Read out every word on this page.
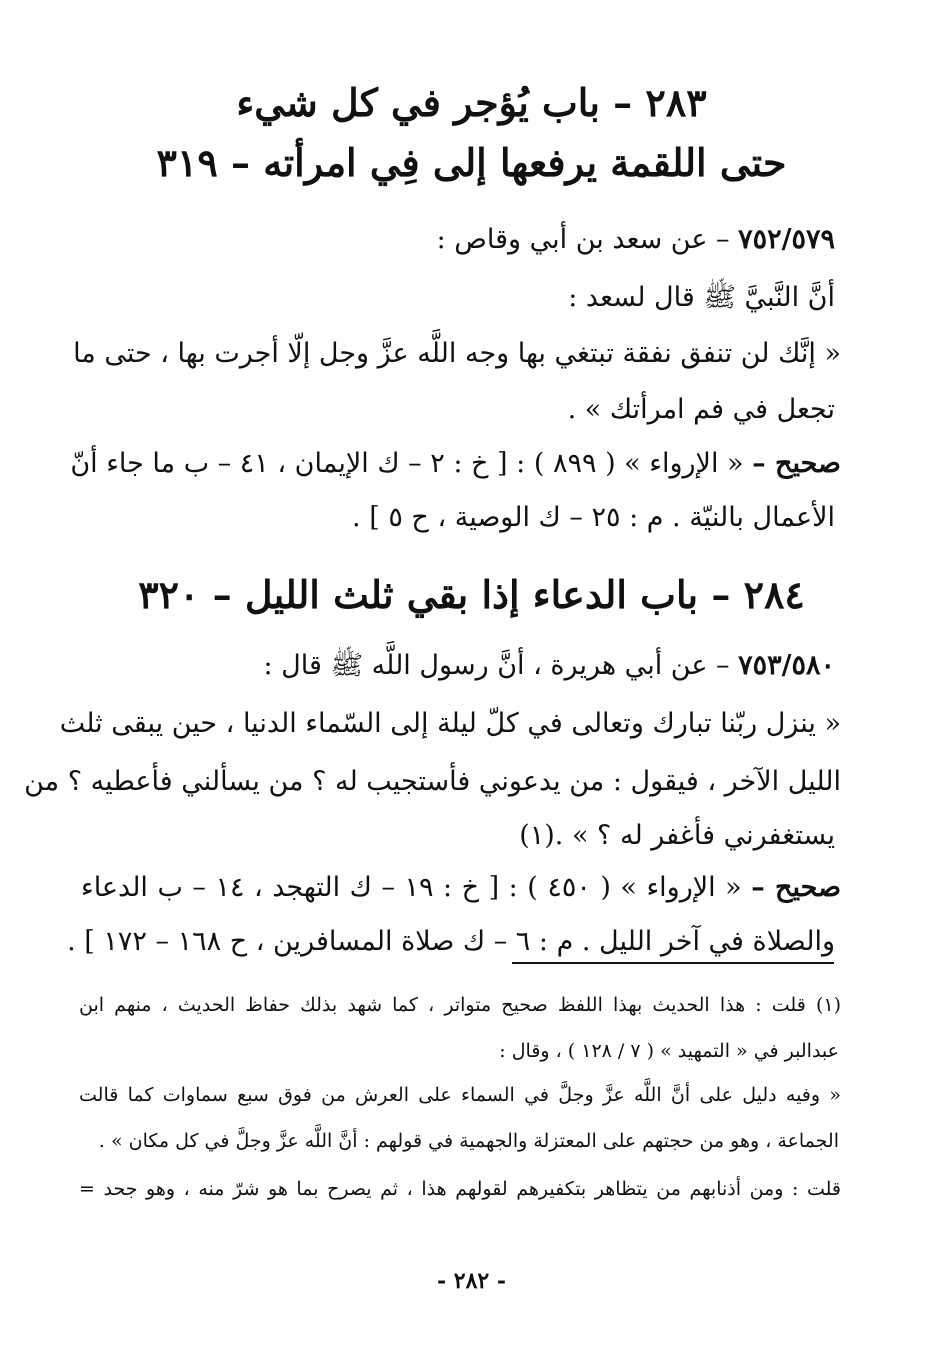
٢٨٣ – باب يُؤجر في كل شيء
حتى اللقمة يرفعها إلى فِي امرأته – ٣١٩
٧٥٢/٥٧٩ – عن سعد بن أبي وقاص :
أنَّ النَّبيَّ ﷺ قال لسعد :
« إنَّك لن تنفق نفقة تبتغي بها وجه اللَّه عزَّ وجل إلّا أجرت بها ، حتى ما
تجعل في فم امرأتك » .
صحيح – « الإرواء » ( ٨٩٩ ) : [ خ : ٢ – ك الإيمان ، ٤١ – ب ما جاء أنّ
الأعمال بالنيّة . م : ٢٥ – ك الوصية ، ح ٥ ] .
٢٨٤ – باب الدعاء إذا بقي ثلث الليل – ٣٢٠
٧٥٣/٥٨٠ – عن أبي هريرة ، أنَّ رسول اللَّه ﷺ قال :
« ينزل ربّنا تبارك وتعالى في كلّ ليلة إلى السّماء الدنيا ، حين يبقى ثلث
الليل الآخر ، فيقول : من يدعوني فأستجيب له ؟ من يسألني فأعطيه ؟ من
يستغفرني فأغفر له ؟ » .(١)
صحيح – « الإرواء » ( ٤٥٠ ) : [ خ : ١٩ – ك التهجد ، ١٤ – ب الدعاء
والصلاة في آخر الليل . م : ٦ – ك صلاة المسافرين ، ح ١٦٨ – ١٧٢ ] .
(١) قلت : هذا الحديث بهذا اللفظ صحيح متواتر ، كما شهد بذلك حفاظ الحديث ، منهم ابن
عبدالبر في « التمهيد » ( ٧ / ١٢٨ ) ، وقال :
« وفيه دليل على أنَّ اللَّه عزَّ وجلَّ في السماء على العرش من فوق سبع سماوات كما قالت
الجماعة ، وهو من حجتهم على المعتزلة والجهمية في قولهم : أنَّ اللَّه عزَّ وجلَّ في كل مكان » .
قلت : ومن أذنابهم من يتظاهر بتكفيرهم لقولهم هذا ، ثم يصرح بما هو شرّ منه ، وهو جحد =
- ٢٨٢ -
